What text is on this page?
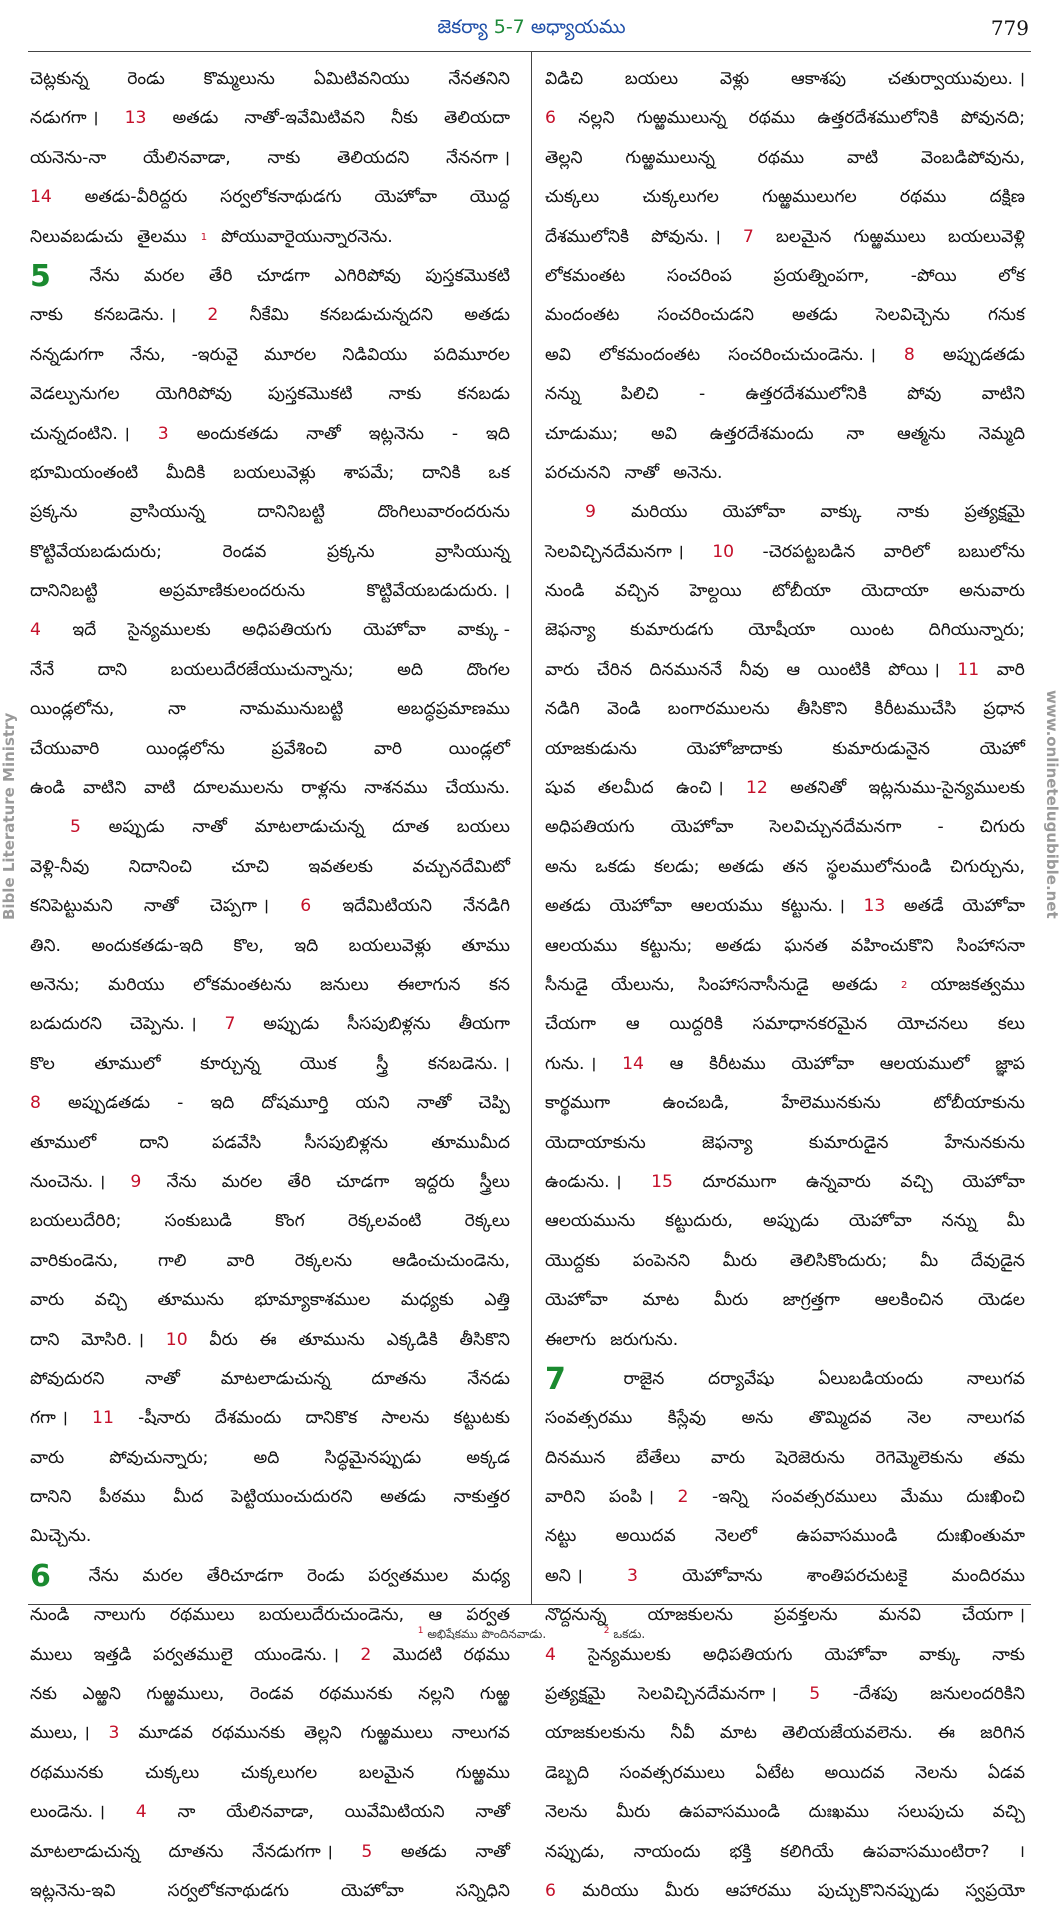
జెకర్యా 5-7 అధ్యాయము	779
Bible Literature Ministry	www.onlinetelugubible.net
చెట్లకున్న రెండు కొమ్మలును ఏమిటివనియు నేనతనిని
నడుగగా । 13 అతడు నాతో-ఇవేమిటివని నీకు తెలియదా
యనెను-నా యేలినవాడా, నాకు తెలియదని నేననగా ।
14 అతడు-వీరిద్దరు సర్వలోకనాథుడగు యెహోవా యొద్ద
నిలువబడుచు తైలము 1 పోయువారైయున్నారనెను.
5 నేను మరల తేరి చూడగా ఎగిరిపోవు పుస్తకమొకటి
నాకు కనబడెను. । 2 నీకేమి కనబడుచున్నదని అతడు
నన్నడుగగా నేను, -ఇరువై మూరల నిడివియు పదిమూరల
వెడల్పునుగల యెగిరిపోవు పుస్తకమొకటి నాకు కనబడు
చున్నదంటిని. । 3 అందుకతడు నాతో ఇట్లనెను - ఇది
భూమియంతంటి మీదికి బయలువెళ్లు శాపమే; దానికి ఒక
ప్రక్కను	వ్రాసియున్న	దానినిబట్టి	దొంగిలువారందరును
కొట్టివేయబడుదురు;	రెండవ	ప్రక్కను	వ్రాసియున్న
దానినిబట్టి	అప్రమాణికులందరును	కొట్టివేయబడుదురు. ।
4 ఇదే సైన్యములకు అధిపతియగు యెహోవా వాక్కు -
నేనే	దాని	బయలుదేరజేయుచున్నాను;	అది	దొంగల
యిండ్లలోను,	నా	నామమునుబట్టి	అబద్ధప్రమాణము
చేయువారి	యిండ్లలోను	ప్రవేశించి	వారి	యిండ్లలో
ఉండి వాటిని వాటి దూలములను రాళ్లను నాశనము చేయును.
5 అప్పుడు నాతో మాటలాడుచున్న దూత బయలు
వెళ్లి-నీవు నిదానించి చూచి ఇవతలకు వచ్చునదేమిటో
కనిపెట్టుమని నాతో చెప్పగా । 6 ఇదేమిటియని నేనడిగి
తిని. అందుకతడు-ఇది కొల, ఇది బయలువెళ్లు తూము
అనెను; మరియు లోకమంతటను జనులు ఈలాగున కన
బడుదురని చెప్పెను. । 7 అప్పుడు సీసపుబిళ్లను తీయగా
కొల తూములో కూర్చున్న యొక స్త్రీ కనబడెను. ।
8 అప్పుడతడు - ఇది దోషమూర్తి యని నాతో చెప్పి
తూములో	దాని	పడవేసి	సీసపుబిళ్లను	తూముమీద
నుంచెను. । 9 నేను మరల తేరి చూడగా ఇద్దరు స్త్రీలు
బయలుదేరిరి;	సంకుబుడి	కొంగ	రెక్కలవంటి	రెక్కలు
వారికుండెను, గాలి వారి రెక్కలను ఆడించుచుండెను,
వారు వచ్చి తూమును భూమ్యాకాశముల మధ్యకు ఎత్తి
దాని మోసిరి. । 10 వీరు ఈ తూమును ఎక్కడికి తీసికొని
పోవుదురని నాతో మాటలాడుచున్న దూతను నేనడు
గగా । 11 -షీనారు దేశమందు దానికొక సాలను కట్టుటకు
వారు	పోవుచున్నారు;	అది	సిద్ధమైనప్పుడు	అక్కడ
దానిని పీఠము మీద పెట్టియుంచుదురని అతడు నాకుత్తర
మిచ్చెను.
6 నేను మరల తేరిచూడగా రెండు పర్వతముల మధ్య
నుండి నాలుగు రథములు బయలుదేరుచుండెను, ఆ పర్వత
ములు ఇత్తడి పర్వతములై యుండెను. । 2 మొదటి రథము
నకు ఎఱ్ఱని గుఱ్ఱములు, రెండవ రథమునకు నల్లని గుఱ్ఱ
ములు, । 3 మూడవ రథమునకు తెల్లని గుఱ్ఱములు నాలుగవ
రథమునకు చుక్కలు చుక్కలుగల బలమైన గుఱ్ఱము
లుండెను. । 4 నా యేలినవాడా, యివేమిటియని నాతో
మాటలాడుచున్న దూతను నేనడుగగా । 5 అతడు నాతో
ఇట్లనెను-ఇవి	సర్వలోకనాథుడగు	యెహోవా	సన్నిధిని
విడిచి బయలు వెళ్లు ఆకాశపు చతుర్వాయువులు. ।
6 నల్లని గుఱ్ఱములున్న రథము ఉత్తరదేశములోనికి పోవునది;
తెల్లని గుఱ్ఱములున్న రథము వాటి వెంబడిపోవును,
చుక్కలు	చుక్కలుగల	గుఱ్ఱములుగల	రథము	దక్షిణ
దేశములోనికి పోవును. । 7 బలమైన గుఱ్ఱములు బయలువెళ్లి
లోకమంతట సంచరింప ప్రయత్నింపగా, -పోయి లోక
మందంతట సంచరించుడని అతడు సెలవిచ్చెను గనుక
అవి లోకమందంతట సంచరించుచుండెను. । 8 అప్పుడతడు
నన్ను పిలిచి - ఉత్తరదేశములోనికి పోవు వాటిని
చూడుము; అవి ఉత్తరదేశమందు నా ఆత్మను నెమ్మది
పరచునని నాతో అనెను.
9 మరియు యెహోవా వాక్కు నాకు ప్రత్యక్షమై
సెలవిచ్చినదేమనగా । 10 -చెరపట్టబడిన వారిలో బబులోను
నుండి వచ్చిన హెల్దయి టోబీయా యెదాయా అనువారు
జెఫన్యా కుమారుడగు యోషీయా యింట దిగియున్నారు;
వారు చేరిన దినముననే నీవు ఆ యింటికి పోయి । 11 వారి
నడిగి వెండి బంగారములను తీసికొని కిరీటముచేసి ప్రధాన
యాజకుడును	యెహోజాదాకు	కుమారుడునైన	యెహో
షువ తలమీద ఉంచి । 12 అతనితో ఇట్లనుము-సైన్యములకు
అధిపతియగు యెహోవా సెలవిచ్చునదేమనగా - చిగురు
అను ఒకడు కలడు; అతడు తన స్థలములోనుండి చిగుర్చును,
అతడు యెహోవా ఆలయము కట్టును. । 13 అతడే యెహోవా
ఆలయము కట్టును; అతడు ఘనత వహించుకొని సింహాసనా
సీనుడై యేలును, సింహాసనాసీనుడై అతడు 2 యాజకత్వము
చేయగా ఆ యిద్దరికి సమాధానకరమైన యోచనలు కలు
గును. । 14 ఆ కిరీటము యెహోవా ఆలయములో జ్ఞాప
కార్థముగా	ఉంచబడి,	హేలెమునకును	టోబీయాకును
యెదాయాకును	జెఫన్యా	కుమారుడైన	హేనునకును
ఉండును. । 15 దూరముగా ఉన్నవారు వచ్చి యెహోవా
ఆలయమును కట్టుదురు, అప్పుడు యెహోవా నన్ను మీ
యొద్దకు పంపెనని మీరు తెలిసికొందురు; మీ దేవుడైన
యెహోవా మాట మీరు జాగ్రత్తగా ఆలకించిన యెడల
ఈలాగు జరుగును.
7	రాజైన	దర్యావేషు	ఏలుబడియందు	నాలుగవ
సంవత్సరము కిస్లేవు అను తొమ్మిదవ నెల నాలుగవ
దినమున బేతేలు వారు షెరెజెరును రెగెమ్మెలెకును తమ
వారిని పంపి । 2 -ఇన్ని సంవత్సరములు మేము దుఃఖించి
నట్టు అయిదవ నెలలో ఉపవాసముండి దుఃఖింతుమా
అని ।	3	యెహోవాను	శాంతిపరచుటకై	మందిరము
నొద్దనున్న యాజకులను ప్రవక్తలను మనవి చేయగా ।
4 సైన్యములకు అధిపతియగు యెహోవా వాక్కు నాకు
ప్రత్యక్షమై సెలవిచ్చినదేమనగా । 5 -దేశపు జనులందరికిని
యాజకులకును నీవీ మాట తెలియజేయవలెను. ఈ జరిగిన
డెబ్బది సంవత్సరములు ఏటేట అయిదవ నెలను ఏడవ
నెలను మీరు ఉపవాసముండి దుఃఖము సలుపుచు వచ్చి
నప్పుడు, నాయందు భక్తి కలిగియే ఉపవాసముంటిరా? ।
6 మరియు మీరు ఆహారము పుచ్చుకొనినప్పుడు స్వప్రయో
$^1$ అభిషేకము పొందినవాడు.	$^2$ ఒకడు.
